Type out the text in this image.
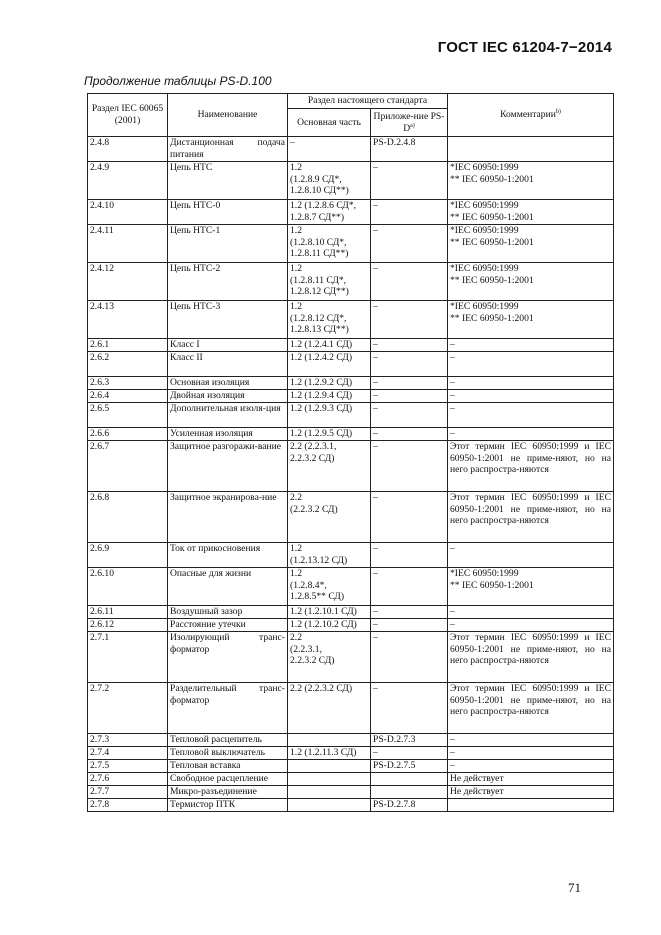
ГОСТ IEC 61204-7−2014
Продолжение таблицы PS-D.100
Раздел IEC 60065 (2001)	Наименование	Раздел настоящего стандарта		Комментарии$^{b)}$
		Основная часть	Приложе-ние $PS-D^{a)}$
2.4.8	Дистанционная подача питания	–	PS-D.2.4.8	
2.4.9	Цепь НТС	1.2
(1.2.8.9 СД*,
1.2.8.10 СД**)	–	*IEC 60950:1999
** IEC 60950-1:2001
2.4.10	Цепь НТС-0	1.2 (1.2.8.6 СД*,
1.2.8.7 СД**)	–	*IEC 60950:1999
** IEC 60950-1:2001
2.4.11	Цепь НТС-1	1.2
(1.2.8.10 СД*,
1.2.8.11 СД**)	–	*IEC 60950:1999
** IEC 60950-1:2001
2.4.12	Цепь НТС-2	1.2
(1.2.8.11 СД*,
1.2.8.12 СД**)	–	*IEC 60950:1999
** IEC 60950-1:2001
2.4.13	Цепь НТС-3	1.2
(1.2.8.12 СД*,
1.2.8.13 СД**)	–	*IEC 60950:1999
** IEC 60950-1:2001
2.6.1	Класс I	1.2 (1.2.4.1 СД)	–	–
2.6.2	Класс II	1.2 (1.2.4.2 СД)	–	–
2.6.3	Основная изоляция	1.2 (1.2.9.2 СД)	–	–
2.6.4	Двойная изоляция	1.2 (1.2.9.4 СД)	–	–
2.6.5	Дополнительная изоля-ция	1.2 (1.2.9.3 СД)	–	–
2.6.6	Усиленная изоляция	1.2 (1.2.9.5 СД)	–	–
2.6.7	Защитное разгоражи-вание	2.2 (2.2.3.1,
2.2.3.2 СД)	–	Этот термин IEC 60950:1999 и IEC 60950-1:2001 не приме-няют, но на него распростра-няются
2.6.8	Защитное экранирова-ние	2.2
(2.2.3.2 СД)	–	Этот термин IEC 60950:1999 и IEC 60950-1:2001 не приме-няют, но на него распростра-няются
2.6.9	Ток от прикосновения	1.2
(1.2.13.12 СД)	–	–
2.6.10	Опасные для жизни	1.2
(1.2.8.4*,
1.2.8.5** СД)	–	*IEC 60950:1999
** IEC 60950-1:2001
2.6.11	Воздушный зазор	1.2 (1.2.10.1 СД)	–	–
2.6.12	Расстояние утечки	1.2 (1.2.10.2 СД)	–	–
2.7.1	Изолирующий транс-форматор	2.2
(2.2.3.1,
2.2.3.2 СД)	–	Этот термин IEC 60950:1999 и IEC 60950-1:2001 не приме-няют, но на него распростра-няются
2.7.2	Разделительный транс-форматор	2.2 (2.2.3.2 СД)	–	Этот термин IEC 60950:1999 и IEC 60950-1:2001 не приме-няют, но на него распростра-няются
2.7.3	Тепловой расцепитель		PS-D.2.7.3	–
2.7.4	Тепловой выключатель	1.2 (1.2.11.3 СД)	–	–
2.7.5	Тепловая вставка		PS-D.2.7.5	–
2.7.6	Свободное расцепление			Не действует
2.7.7	Микро-разъединение			Не действует
2.7.8	Термистор ПТК		PS-D.2.7.8	
71
